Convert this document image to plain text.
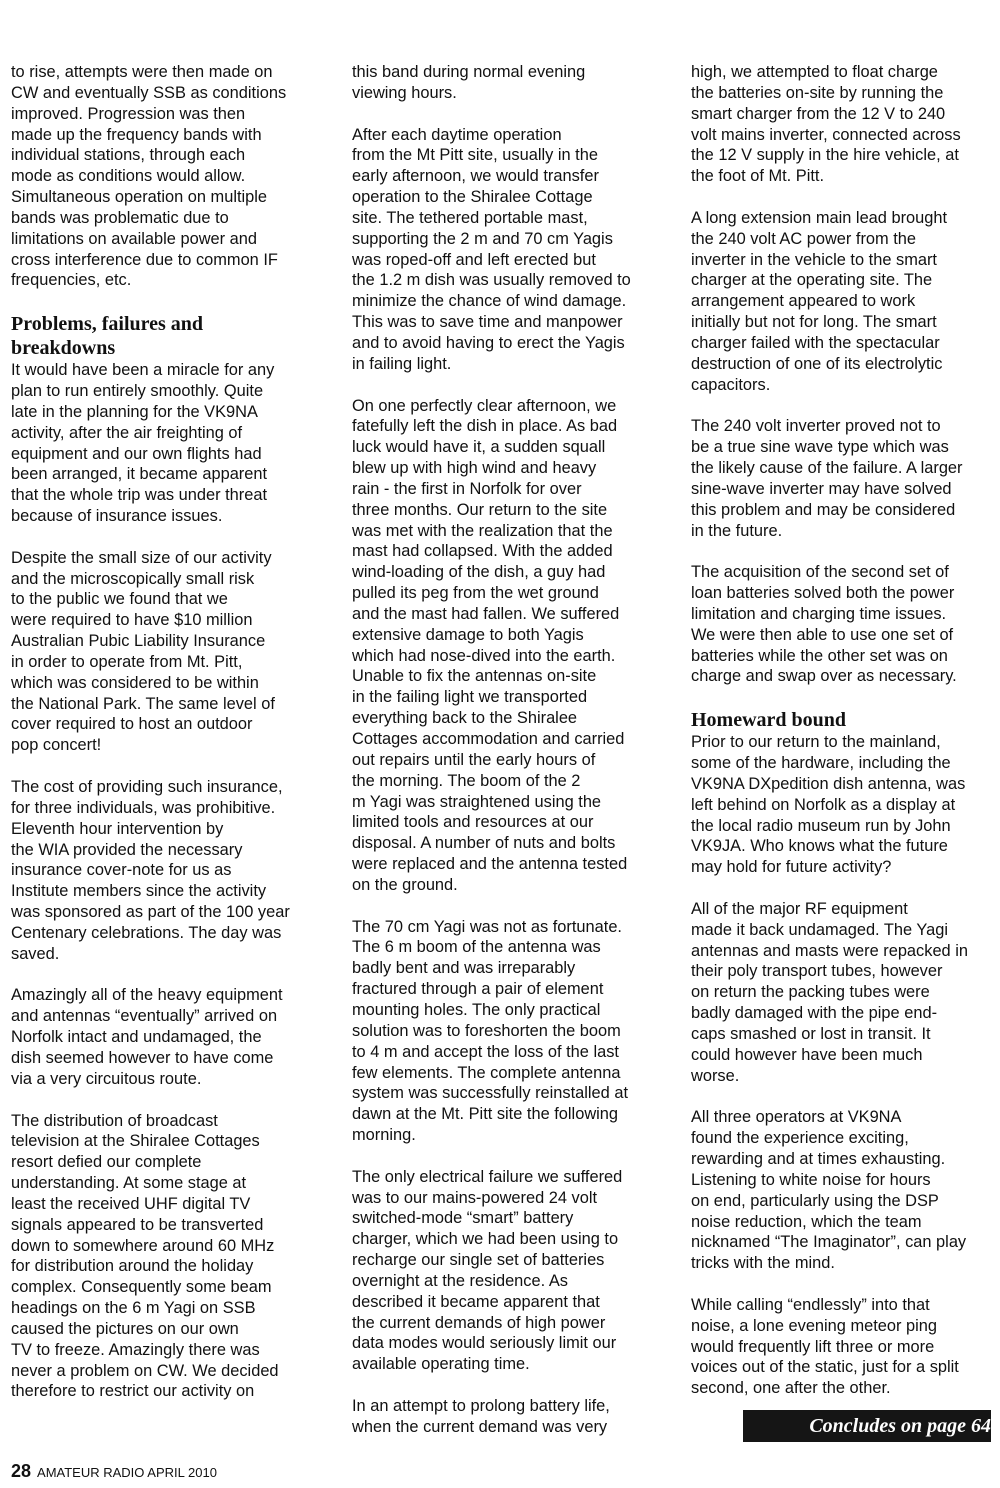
to rise, attempts were then made on
CW and eventually SSB as conditions
improved. Progression was then
made up the frequency bands with
individual stations, through each
mode as conditions would allow.
Simultaneous operation on multiple
bands was problematic due to
limitations on available power and
cross interference due to common IF
frequencies, etc.

Problems, failures and
breakdowns

It would have been a miracle for any
plan to run entirely smoothly. Quite
late in the planning for the VK9NA
activity, after the air freighting of
equipment and our own flights had
been arranged, it became apparent
that the whole trip was under threat
because of insurance issues.

Despite the small size of our activity
and the microscopically small risk
to the public we found that we
were required to have $10 million
Australian Pubic Liability Insurance
in order to operate from Mt. Pitt,
which was considered to be within
the National Park. The same level of
cover required to host an outdoor
pop concert!

The cost of providing such insurance,
for three individuals, was prohibitive.
Eleventh hour intervention by
the WIA provided the necessary
insurance cover-note for us as
Institute members since the activity
was sponsored as part of the 100 year
Centenary celebrations. The day was
saved.

Amazingly all of the heavy equipment
and antennas “eventually” arrived on
Norfolk intact and undamaged, the
dish seemed however to have come
via a very circuitous route.

The distribution of broadcast
television at the Shiralee Cottages
resort defied our complete
understanding. At some stage at
least the received UHF digital TV
signals appeared to be transverted
down to somewhere around 60 MHz
for distribution around the holiday
complex. Consequently some beam
headings on the 6 m Yagi on SSB
caused the pictures on our own
TV to freeze. Amazingly there was
never a problem on CW. We decided
therefore to restrict our activity on

this band during normal evening
viewing hours.

After each daytime operation
from the Mt Pitt site, usually in the
early afternoon, we would transfer
operation to the Shiralee Cottage
site. The tethered portable mast,
supporting the 2 m and 70 cm Yagis
was roped-off and left erected but
the 1.2 m dish was usually removed to
minimize the chance of wind damage.
This was to save time and manpower
and to avoid having to erect the Yagis
in failing light.

On one perfectly clear afternoon, we
fatefully left the dish in place. As bad
luck would have it, a sudden squall
blew up with high wind and heavy
rain - the first in Norfolk for over
three months. Our return to the site
was met with the realization that the
mast had collapsed. With the added
wind-loading of the dish, a guy had
pulled its peg from the wet ground
and the mast had fallen. We suffered
extensive damage to both Yagis
which had nose-dived into the earth.
Unable to fix the antennas on-site
in the failing light we transported
everything back to the Shiralee
Cottages accommodation and carried
out repairs until the early hours of
the morning. The boom of the 2
m Yagi was straightened using the
limited tools and resources at our
disposal. A number of nuts and bolts
were replaced and the antenna tested
on the ground.

The 70 cm Yagi was not as fortunate.
The 6 m boom of the antenna was
badly bent and was irreparably
fractured through a pair of element
mounting holes. The only practical
solution was to foreshorten the boom
to 4 m and accept the loss of the last
few elements. The complete antenna
system was successfully reinstalled at
dawn at the Mt. Pitt site the following
morning.

The only electrical failure we suffered
was to our mains-powered 24 volt
switched-mode “smart” battery
charger, which we had been using to
recharge our single set of batteries
overnight at the residence. As
described it became apparent that
the current demands of high power
data modes would seriously limit our
available operating time.

In an attempt to prolong battery life,
when the current demand was very

high, we attempted to float charge
the batteries on-site by running the
smart charger from the 12 V to 240
volt mains inverter, connected across
the 12 V supply in the hire vehicle, at
the foot of Mt. Pitt.

A long extension main lead brought
the 240 volt AC power from the
inverter in the vehicle to the smart
charger at the operating site. The
arrangement appeared to work
initially but not for long. The smart
charger failed with the spectacular
destruction of one of its electrolytic
capacitors.

The 240 volt inverter proved not to
be a true sine wave type which was
the likely cause of the failure. A larger
sine-wave inverter may have solved
this problem and may be considered
in the future.

The acquisition of the second set of
loan batteries solved both the power
limitation and charging time issues.
We were then able to use one set of
batteries while the other set was on
charge and swap over as necessary.

Homeward bound

Prior to our return to the mainland,
some of the hardware, including the
VK9NA DXpedition dish antenna, was
left behind on Norfolk as a display at
the local radio museum run by John
VK9JA. Who knows what the future
may hold for future activity?

All of the major RF equipment
made it back undamaged. The Yagi
antennas and masts were repacked in
their poly transport tubes, however
on return the packing tubes were
badly damaged with the pipe end-
caps smashed or lost in transit. It
could however have been much
worse.

All three operators at VK9NA
found the experience exciting,
rewarding and at times exhausting.
Listening to white noise for hours
on end, particularly using the DSP
noise reduction, which the team
nicknamed “The Imaginator”, can play
tricks with the mind.

While calling “endlessly” into that
noise, a lone evening meteor ping
would frequently lift three or more
voices out of the static, just for a split
second, one after the other.

Concludes on page 64
28 AMATEUR RADIO APRIL 2010
